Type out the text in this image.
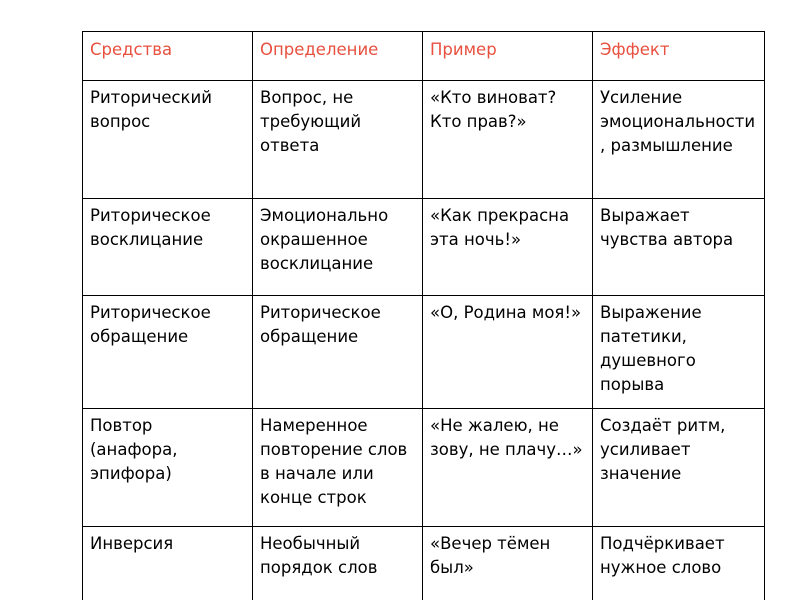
Средства	Определение	Пример	Эффект
Риторический вопрос	Вопрос, не требующий ответа	«Кто виноват? Кто прав?»	Усиление эмоциональности, размышление
Риторическое восклицание	Эмоционально окрашенное восклицание	«Как прекрасна эта ночь!»	Выражает чувства автора
Риторическое обращение	Риторическое обращение	«О, Родина моя!»	Выражение патетики, душевного порыва
Повтор (анафора, эпифора)	Намеренное повторение слов в начале или конце строк	«Не жалею, не зову, не плачу…»	Создаёт ритм, усиливает значение
Инверсия	Необычный порядок слов	«Вечер тёмен был»	Подчёркивает нужное слово
